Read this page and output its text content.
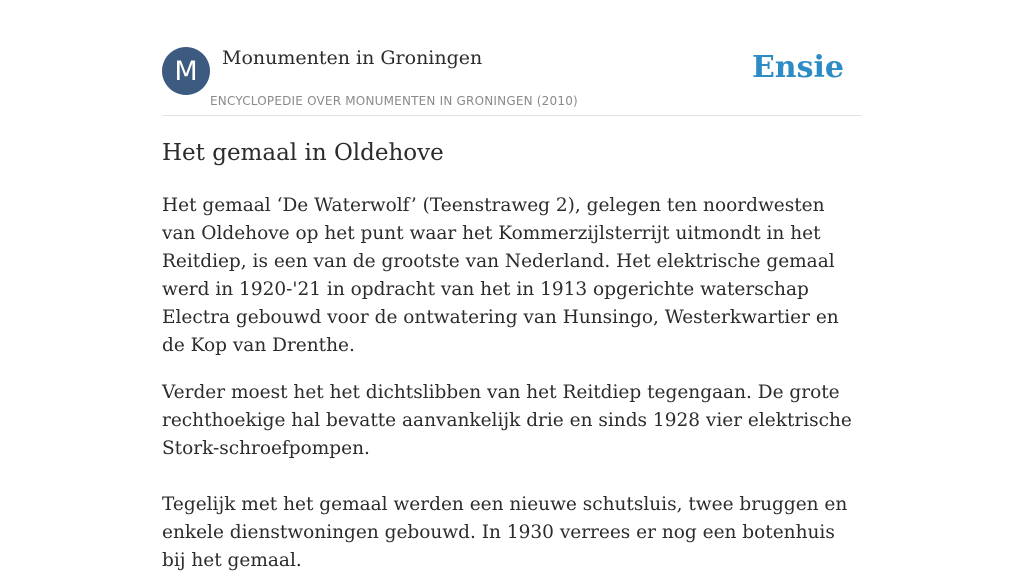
M	Monumenten in Groningen
ENCYCLOPEDIE OVER MONUMENTEN IN GRONINGEN (2010)
Ensie
Het gemaal in Oldehove

Het gemaal ‘De Waterwolf’ (Teenstraweg 2), gelegen ten noordwesten van Oldehove op het punt waar het Kommerzijlsterrijt uitmondt in het Reitdiep, is een van de grootste van Nederland. Het elektrische gemaal werd in 1920-'21 in opdracht van het in 1913 opgerichte waterschap Electra gebouwd voor de ontwatering van Hunsingo, Westerkwartier en de Kop van Drenthe.

Verder moest het het dichtslibben van het Reitdiep tegengaan. De grote rechthoekige hal bevatte aanvankelijk drie en sinds 1928 vier elektrische Stork-schroefpompen.

Tegelijk met het gemaal werden een nieuwe schutsluis, twee bruggen en enkele dienstwoningen gebouwd. In 1930 verrees er nog een botenhuis bij het gemaal.
